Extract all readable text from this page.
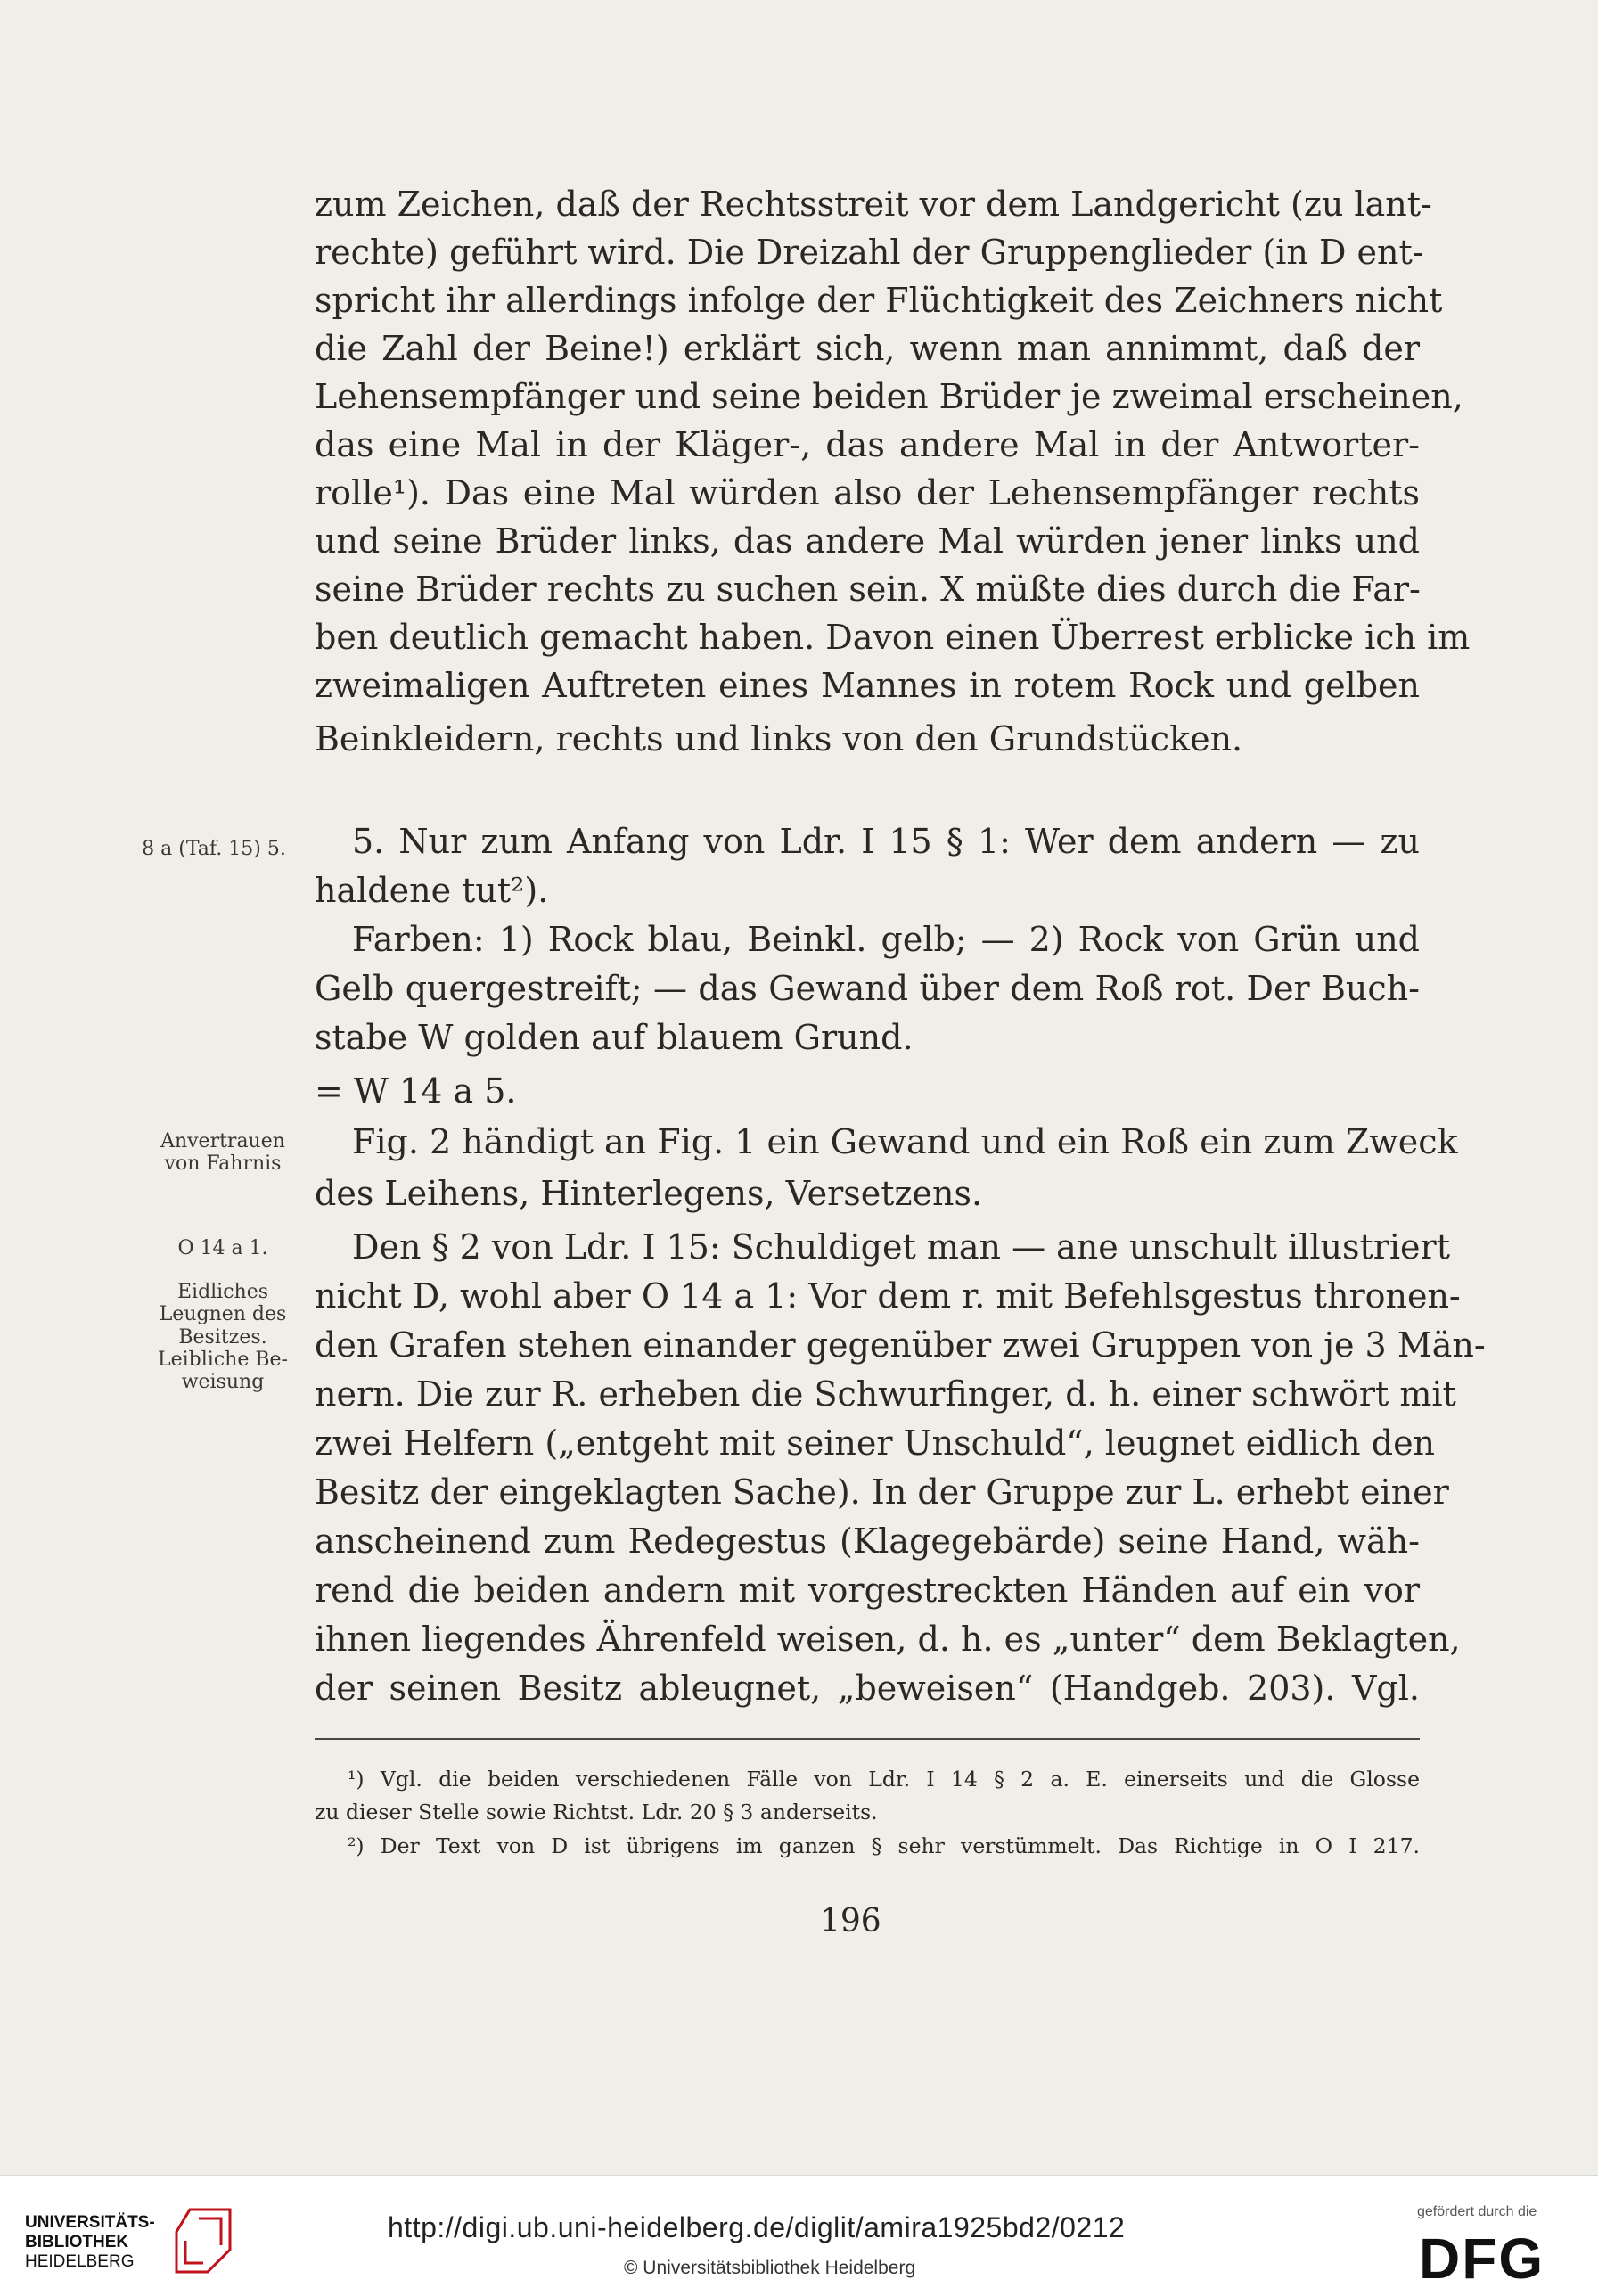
zum Zeichen, daß der Rechtsstreit vor dem Landgericht (zu lant-
rechte) geführt wird. Die Dreizahl der Gruppenglieder (in D ent-
spricht ihr allerdings infolge der Flüchtigkeit des Zeichners nicht
die Zahl der Beine!) erklärt sich, wenn man annimmt, daß der
Lehensempfänger und seine beiden Brüder je zweimal erscheinen,
das eine Mal in der Kläger-, das andere Mal in der Antworter-
rolle¹). Das eine Mal würden also der Lehensempfänger rechts
und seine Brüder links, das andere Mal würden jener links und
seine Brüder rechts zu suchen sein. X müßte dies durch die Far-
ben deutlich gemacht haben. Davon einen Überrest erblicke ich im
zweimaligen Auftreten eines Mannes in rotem Rock und gelben
Beinkleidern, rechts und links von den Grundstücken.
5. Nur zum Anfang von Ldr. I 15 § 1: Wer dem andern — zu
haldene tut²).
Farben: 1) Rock blau, Beinkl. gelb; — 2) Rock von Grün und
Gelb quergestreift; — das Gewand über dem Roß rot. Der Buch-
stabe W golden auf blauem Grund.
= W 14 a 5.
Fig. 2 händigt an Fig. 1 ein Gewand und ein Roß ein zum Zweck
des Leihens, Hinterlegens, Versetzens.
Den § 2 von Ldr. I 15: Schuldiget man — ane unschult illustriert
nicht D, wohl aber O 14 a 1: Vor dem r. mit Befehlsgestus thronen-
den Grafen stehen einander gegenüber zwei Gruppen von je 3 Män-
nern. Die zur R. erheben die Schwurfinger, d. h. einer schwört mit
zwei Helfern („entgeht mit seiner Unschuld“, leugnet eidlich den
Besitz der eingeklagten Sache). In der Gruppe zur L. erhebt einer
anscheinend zum Redegestus (Klagegebärde) seine Hand, wäh-
rend die beiden andern mit vorgestreckten Händen auf ein vor
ihnen liegendes Ährenfeld weisen, d. h. es „unter“ dem Beklagten,
der seinen Besitz ableugnet, „beweisen“ (Handgeb. 203). Vgl.
8 a (Taf. 15) 5.
Anvertrauen
von Fahrnis
O 14 a 1.
Eidliches
Leugnen des
Besitzes.
Leibliche Be-
weisung
¹) Vgl. die beiden verschiedenen Fälle von Ldr. I 14 § 2 a. E. einerseits und die Glosse
zu dieser Stelle sowie Richtst. Ldr. 20 § 3 anderseits.
²) Der Text von D ist übrigens im ganzen § sehr verstümmelt. Das Richtige in O I 217.
196
UNIVERSITÄTS-
BIBLIOTHEK
HEIDELBERG
http://digi.ub.uni-heidelberg.de/diglit/amira1925bd2/0212
© Universitätsbibliothek Heidelberg
gefördert durch die
DFG
